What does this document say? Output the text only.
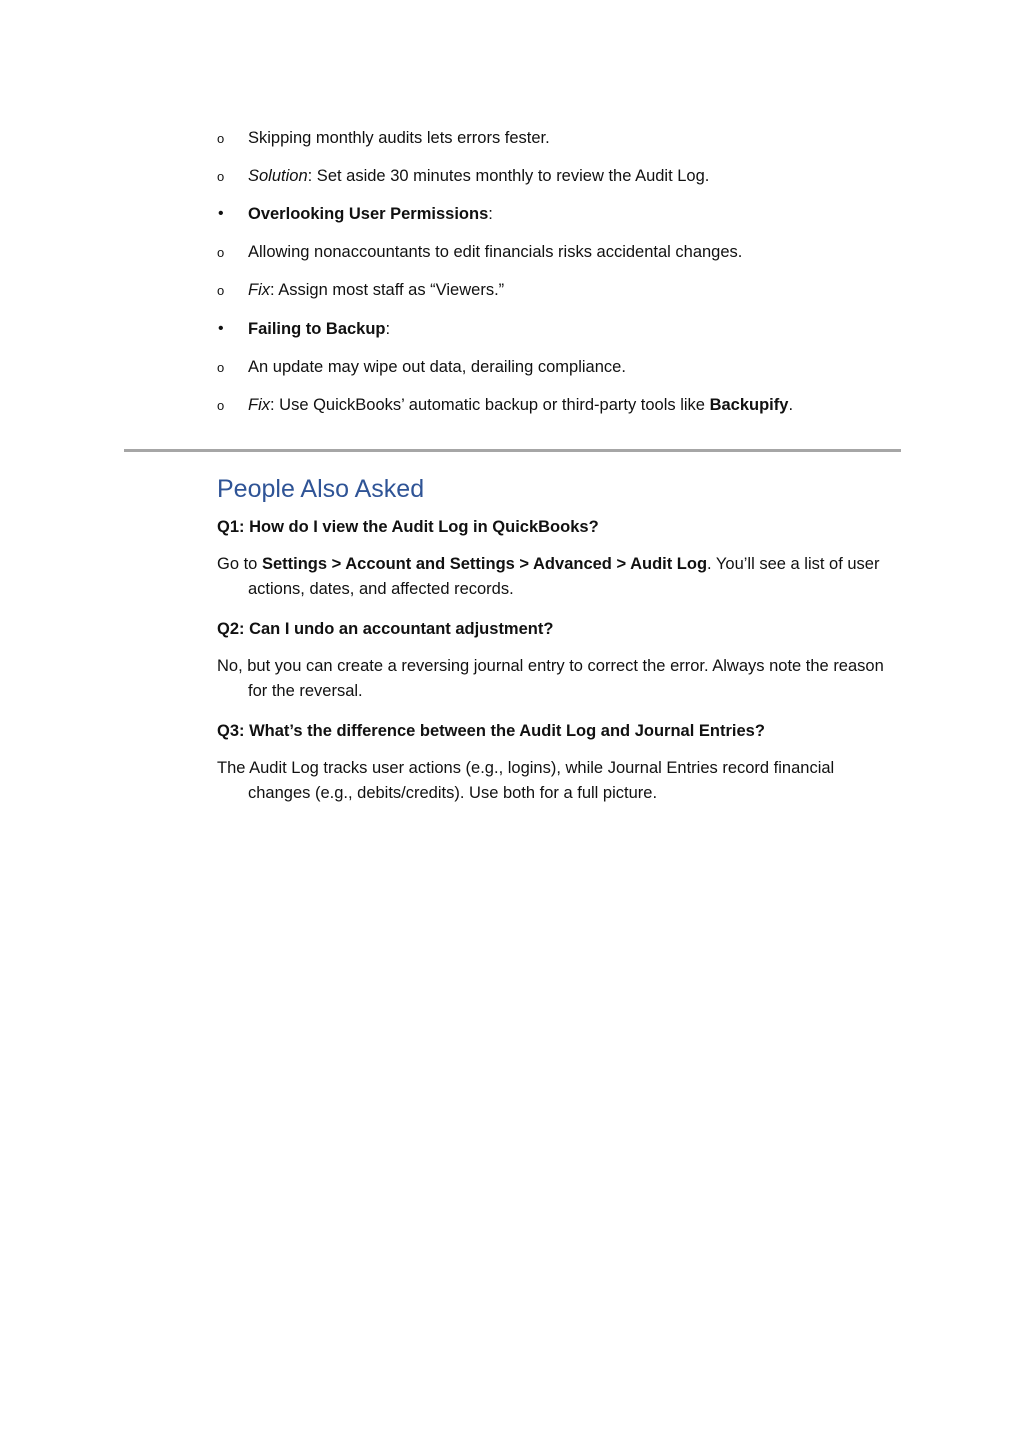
o	Skipping monthly audits lets errors fester.
o	Solution: Set aside 30 minutes monthly to review the Audit Log.
•	Overlooking User Permissions:
o	Allowing nonaccountants to edit financials risks accidental changes.
o	Fix: Assign most staff as “Viewers.”
•	Failing to Backup:
o	An update may wipe out data, derailing compliance.
o	Fix: Use QuickBooks’ automatic backup or third-party tools like Backupify.
People Also Asked
Q1: How do I view the Audit Log in QuickBooks?
Go to Settings > Account and Settings > Advanced > Audit Log. You’ll see a list of user actions, dates, and affected records.
Q2: Can I undo an accountant adjustment?
No, but you can create a reversing journal entry to correct the error. Always note the reason for the reversal.
Q3: What’s the difference between the Audit Log and Journal Entries?
The Audit Log tracks user actions (e.g., logins), while Journal Entries record financial changes (e.g., debits/credits). Use both for a full picture.
